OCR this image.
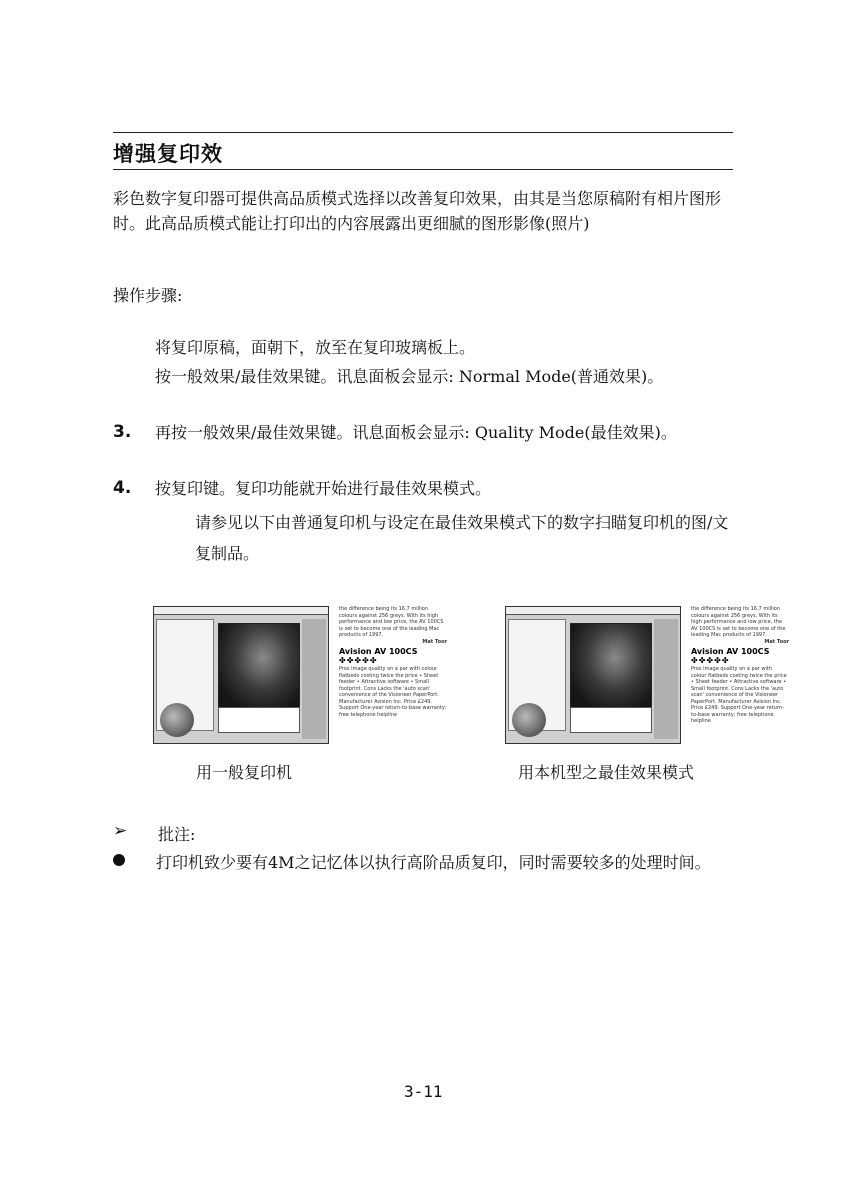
增强复印效

彩色数字复印器可提供高品质模式选择以改善复印效果，由其是当您原稿附有相片图形时。此高品质模式能让打印出的内容展露出更细腻的图形影像(照片)

操作步骤:

将复印原稿，面朝下，放至在复印玻璃板上。
按一般效果/最佳效果键。讯息面板会显示: Normal Mode(普通效果)。
3. 再按一般效果/最佳效果键。讯息面板会显示: Quality Mode(最佳效果)。
4. 按复印键。复印功能就开始进行最佳效果模式。
请参见以下由普通复印机与设定在最佳效果模式下的数字扫瞄复印机的图/文复制品。
the difference being its 16.7 million colours against 256 greys. With its high performance and low price, the AV 100CS is set to become one of the leading Mac products of 1997.
Mat Toor
Avision AV 100CS
✤✤✤✤✤
Pros Image quality on a par with colour flatbeds costing twice the price • Sheet feeder • Attractive software • Small footprint. Cons Lacks the 'auto scan' convenience of the Visioneer PaperPort. Manufacturer Avision Inc. Price £249. Support One-year return-to-base warranty; free telephone helpline
the difference being its 16.7 million colours against 256 greys. With its high performance and low price, the AV 100CS is set to become one of the leading Mac products of 1997.
Mat Toor
Avision AV 100CS
✤✤✤✤✤
Pros Image quality on a par with colour flatbeds costing twice the price • Sheet feeder • Attractive software • Small footprint. Cons Lacks the 'auto scan' convenience of the Visioneer PaperPort. Manufacturer Avision Inc. Price £249. Support One-year return-to-base warranty; free telephone helpline
用一般复印机	用本机型之最佳效果模式
➢ 批注:
打印机致少要有4M之记忆体以执行高阶品质复印，同时需要较多的处理时间。
3-11
